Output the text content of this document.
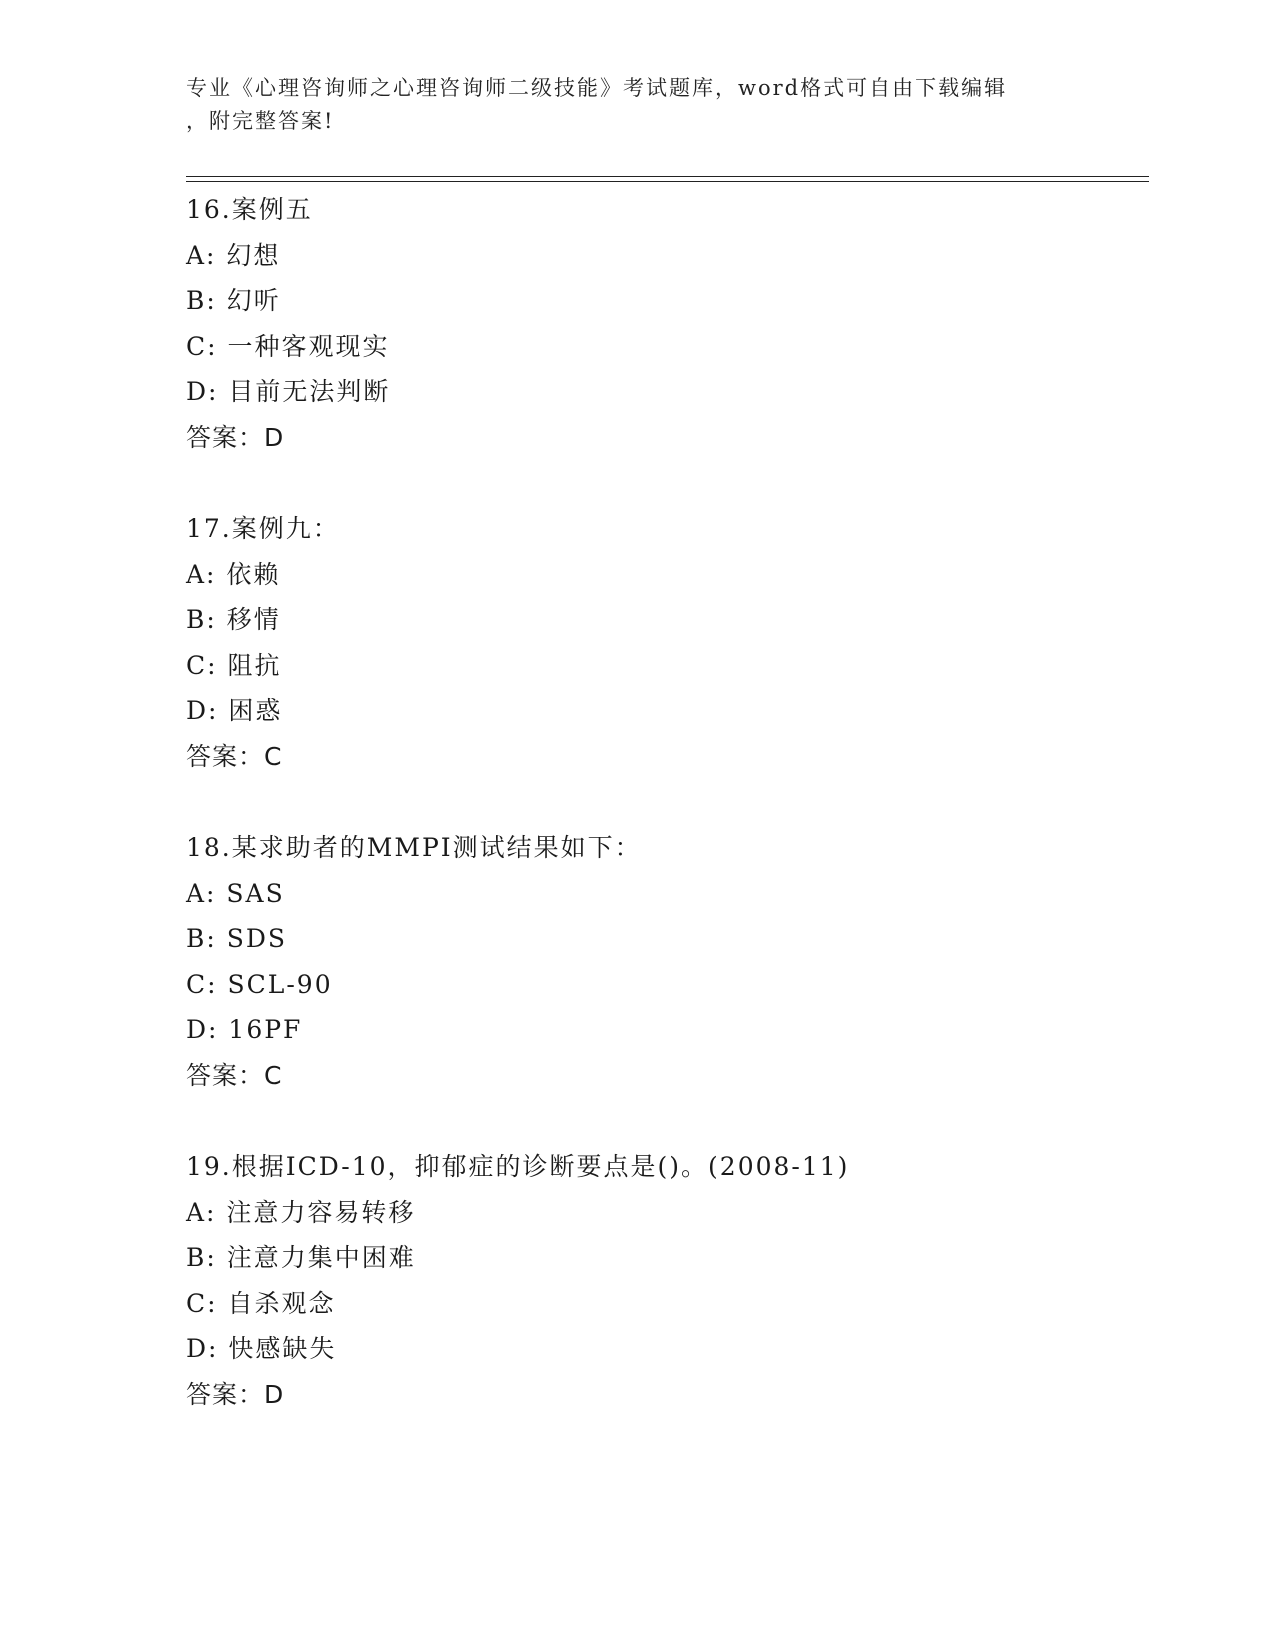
专业《心理咨询师之心理咨询师二级技能》考试题库，word格式可自由下载编辑
，附完整答案!
16.案例五
A: 幻想
B: 幻听
C: 一种客观现实
D: 目前无法判断
答案：D
17.案例九：
A: 依赖
B: 移情
C: 阻抗
D: 困惑
答案：C
18.某求助者的MMPI测试结果如下：
A: SAS
B: SDS
C: SCL-90
D: 16PF
答案：C
19.根据ICD-10，抑郁症的诊断要点是()。(2008-11)
A: 注意力容易转移
B: 注意力集中困难
C: 自杀观念
D: 快感缺失
答案：D
